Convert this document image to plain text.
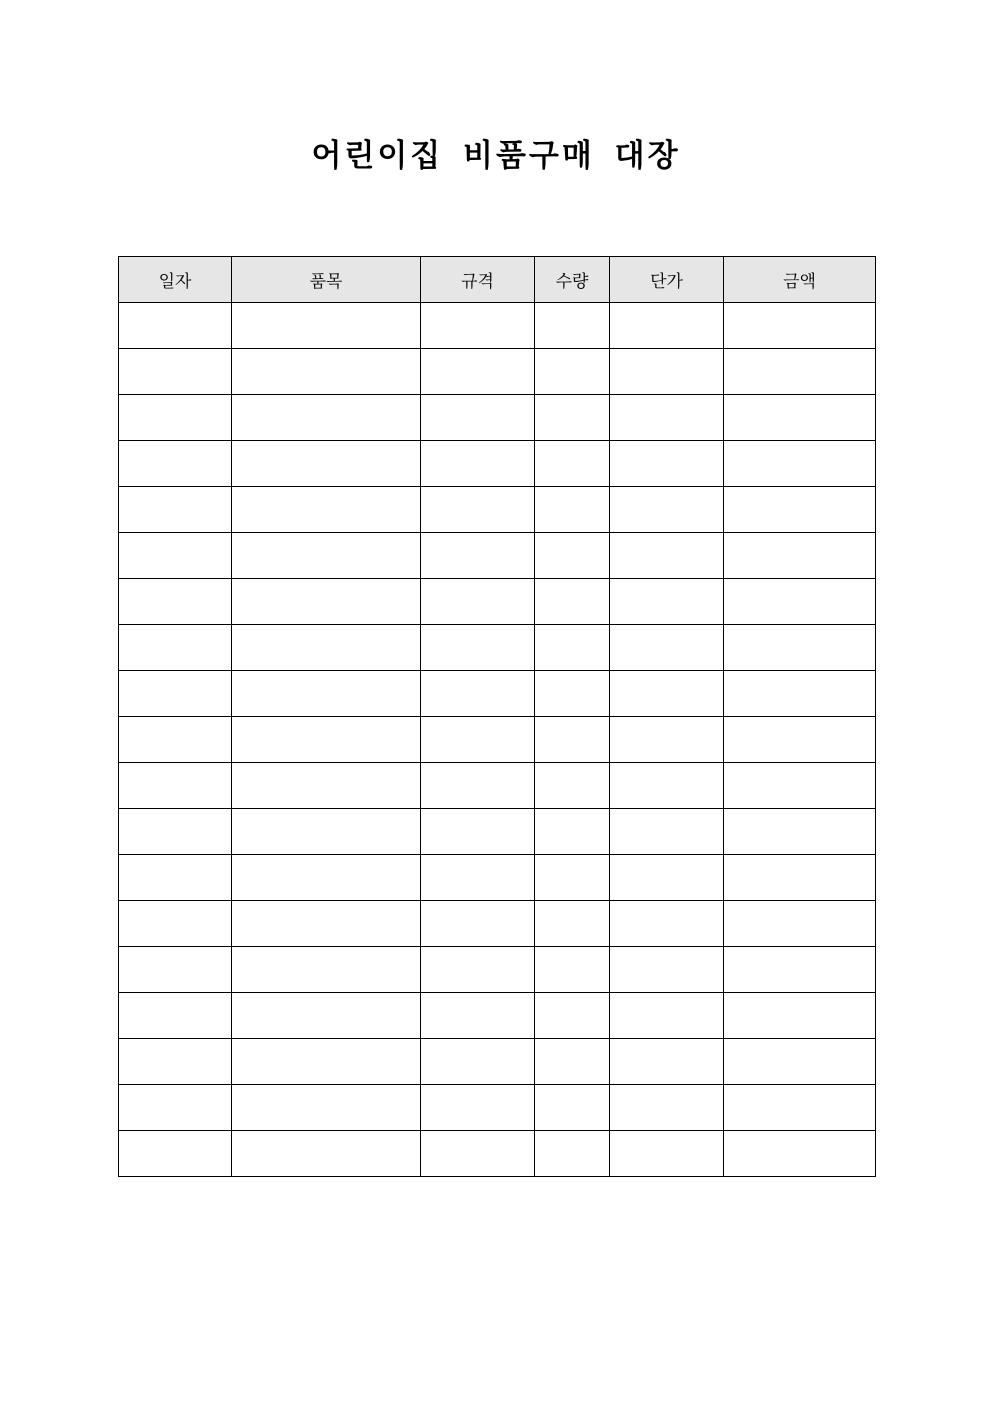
어린이집 비품구매 대장
일자	품목	규격	수량	단가	금액
